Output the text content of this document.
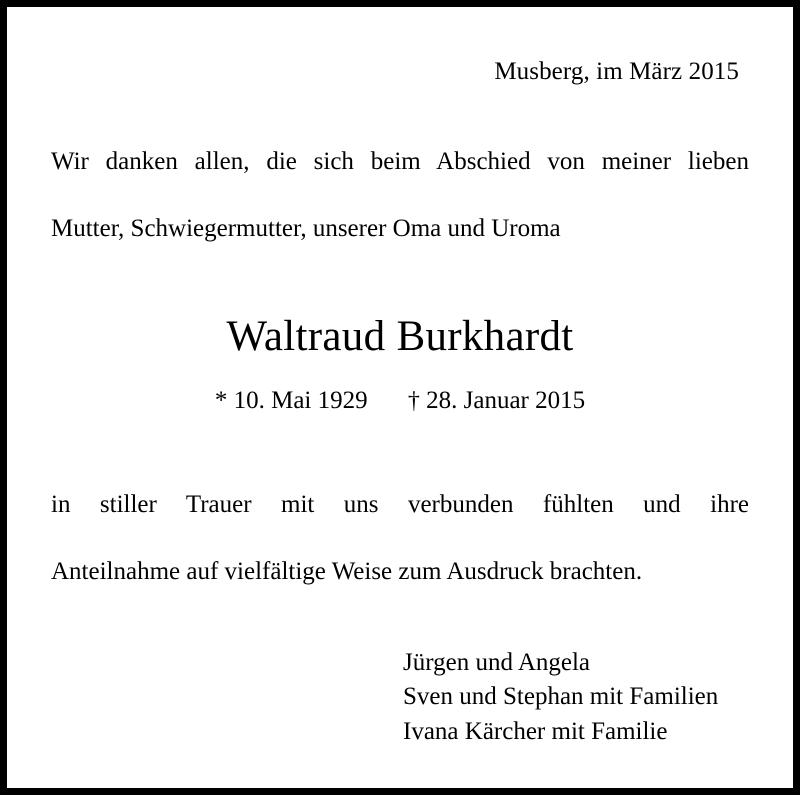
Musberg, im März 2015
Wir danken allen, die sich beim Abschied von meiner lieben
Mutter, Schwiegermutter, unserer Oma und Uroma
Waltraud Burkhardt
* 10. Mai 1929 † 28. Januar 2015
in stiller Trauer mit uns verbunden fühlten und ihre
Anteilnahme auf vielfältige Weise zum Ausdruck brachten.
Jürgen und Angela
Sven und Stephan mit Familien
Ivana Kärcher mit Familie
